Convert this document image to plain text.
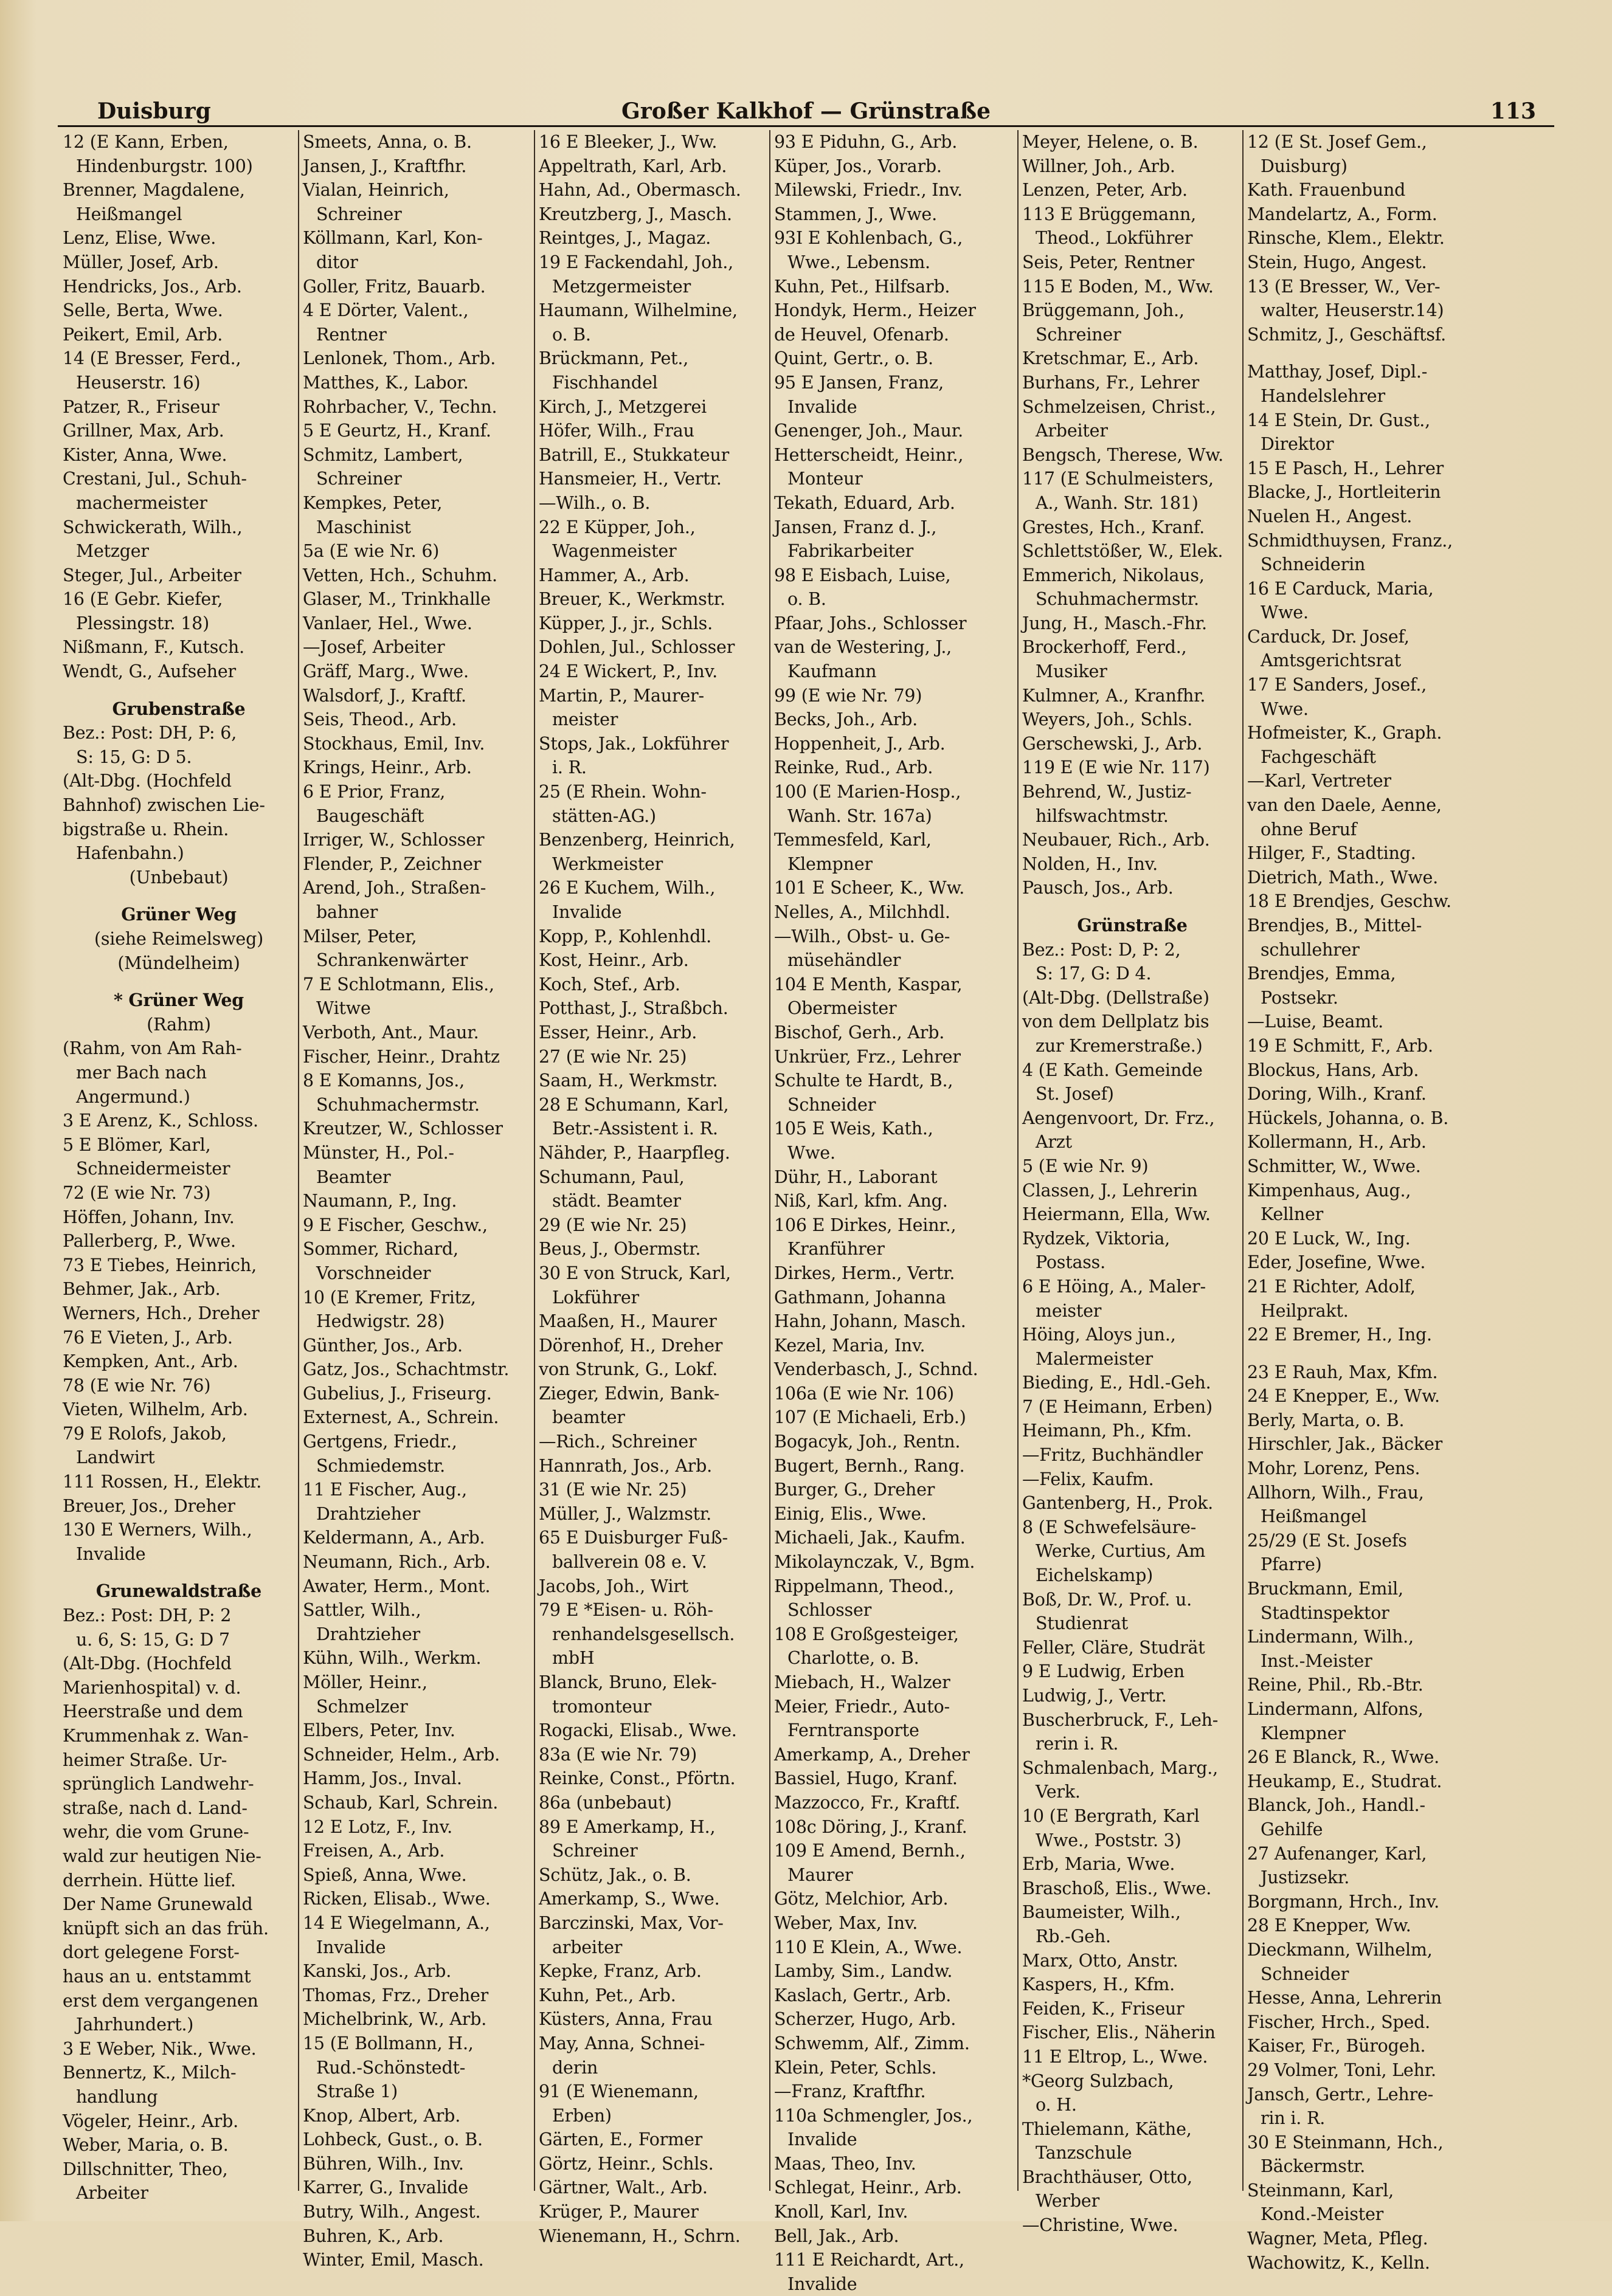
Duisburg	Großer Kalkhof — Grünstraße	113
12 (E Kann, Erben,
Hindenburgstr. 100)
Brenner, Magdalene,
Heißmangel
Lenz, Elise, Wwe.
Müller, Josef, Arb.
Hendricks, Jos., Arb.
Selle, Berta, Wwe.
Peikert, Emil, Arb.
14 (E Bresser, Ferd.,
Heuserstr. 16)
Patzer, R., Friseur
Grillner, Max, Arb.
Kister, Anna, Wwe.
Crestani, Jul., Schuh-
machermeister
Schwickerath, Wilh.,
Metzger
Steger, Jul., Arbeiter
16 (E Gebr. Kiefer,
Plessingstr. 18)
Nißmann, F., Kutsch.
Wendt, G., Aufseher
Grubenstraße
Bez.: Post: DH, P: 6,
S: 15, G: D 5.
(Alt-Dbg. (Hochfeld
Bahnhof) zwischen Lie-
bigstraße u. Rhein.
Hafenbahn.)
(Unbebaut)
Grüner Weg
(siehe Reimelsweg)
(Mündelheim)
* Grüner Weg
(Rahm)
(Rahm, von Am Rah-
mer Bach nach
Angermund.)
3 E Arenz, K., Schloss.
5 E Blömer, Karl,
Schneidermeister
72 (E wie Nr. 73)
Höffen, Johann, Inv.
Pallerberg, P., Wwe.
73 E Tiebes, Heinrich,
Behmer, Jak., Arb.
Werners, Hch., Dreher
76 E Vieten, J., Arb.
Kempken, Ant., Arb.
78 (E wie Nr. 76)
Vieten, Wilhelm, Arb.
79 E Rolofs, Jakob,
Landwirt
111 Rossen, H., Elektr.
Breuer, Jos., Dreher
130 E Werners, Wilh.,
Invalide
Grunewaldstraße
Bez.: Post: DH, P: 2
u. 6, S: 15, G: D 7
(Alt-Dbg. (Hochfeld
Marienhospital) v. d.
Heerstraße und dem
Krummenhak z. Wan-
heimer Straße. Ur-
sprünglich Landwehr-
straße, nach d. Land-
wehr, die vom Grune-
wald zur heutigen Nie-
derrhein. Hütte lief.
Der Name Grunewald
knüpft sich an das früh.
dort gelegene Forst-
haus an u. entstammt
erst dem vergangenen
Jahrhundert.)
3 E Weber, Nik., Wwe.
Bennertz, K., Milch-
handlung
Vögeler, Heinr., Arb.
Weber, Maria, o. B.
Dillschnitter, Theo,
Arbeiter
Smeets, Anna, o. B.
Jansen, J., Kraftfhr.
Vialan, Heinrich,
Schreiner
Köllmann, Karl, Kon-
ditor
Goller, Fritz, Bauarb.
4 E Dörter, Valent.,
Rentner
Lenlonek, Thom., Arb.
Matthes, K., Labor.
Rohrbacher, V., Techn.
5 E Geurtz, H., Kranf.
Schmitz, Lambert,
Schreiner
Kempkes, Peter,
Maschinist
5a (E wie Nr. 6)
Vetten, Hch., Schuhm.
Glaser, M., Trinkhalle
Vanlaer, Hel., Wwe.
—Josef, Arbeiter
Gräff, Marg., Wwe.
Walsdorf, J., Kraftf.
Seis, Theod., Arb.
Stockhaus, Emil, Inv.
Krings, Heinr., Arb.
6 E Prior, Franz,
Baugeschäft
Irriger, W., Schlosser
Flender, P., Zeichner
Arend, Joh., Straßen-
bahner
Milser, Peter,
Schrankenwärter
7 E Schlotmann, Elis.,
Witwe
Verboth, Ant., Maur.
Fischer, Heinr., Drahtz
8 E Komanns, Jos.,
Schuhmachermstr.
Kreutzer, W., Schlosser
Münster, H., Pol.-
Beamter
Naumann, P., Ing.
9 E Fischer, Geschw.,
Sommer, Richard,
Vorschneider
10 (E Kremer, Fritz,
Hedwigstr. 28)
Günther, Jos., Arb.
Gatz, Jos., Schachtmstr.
Gubelius, J., Friseurg.
Externest, A., Schrein.
Gertgens, Friedr.,
Schmiedemstr.
11 E Fischer, Aug.,
Drahtzieher
Keldermann, A., Arb.
Neumann, Rich., Arb.
Awater, Herm., Mont.
Sattler, Wilh.,
Drahtzieher
Kühn, Wilh., Werkm.
Möller, Heinr.,
Schmelzer
Elbers, Peter, Inv.
Schneider, Helm., Arb.
Hamm, Jos., Inval.
Schaub, Karl, Schrein.
12 E Lotz, F., Inv.
Freisen, A., Arb.
Spieß, Anna, Wwe.
Ricken, Elisab., Wwe.
14 E Wiegelmann, A.,
Invalide
Kanski, Jos., Arb.
Thomas, Frz., Dreher
Michelbrink, W., Arb.
15 (E Bollmann, H.,
Rud.-Schönstedt-
Straße 1)
Knop, Albert, Arb.
Lohbeck, Gust., o. B.
Bühren, Wilh., Inv.
Karrer, G., Invalide
Butry, Wilh., Angest.
Buhren, K., Arb.
Winter, Emil, Masch.
16 E Bleeker, J., Ww.
Appeltrath, Karl, Arb.
Hahn, Ad., Obermasch.
Kreutzberg, J., Masch.
Reintges, J., Magaz.
19 E Fackendahl, Joh.,
Metzgermeister
Haumann, Wilhelmine,
o. B.
Brückmann, Pet.,
Fischhandel
Kirch, J., Metzgerei
Höfer, Wilh., Frau
Batrill, E., Stukkateur
Hansmeier, H., Vertr.
—Wilh., o. B.
22 E Küpper, Joh.,
Wagenmeister
Hammer, A., Arb.
Breuer, K., Werkmstr.
Küpper, J., jr., Schls.
Dohlen, Jul., Schlosser
24 E Wickert, P., Inv.
Martin, P., Maurer-
meister
Stops, Jak., Lokführer
i. R.
25 (E Rhein. Wohn-
stätten-AG.)
Benzenberg, Heinrich,
Werkmeister
26 E Kuchem, Wilh.,
Invalide
Kopp, P., Kohlenhdl.
Kost, Heinr., Arb.
Koch, Stef., Arb.
Potthast, J., Straßbch.
Esser, Heinr., Arb.
27 (E wie Nr. 25)
Saam, H., Werkmstr.
28 E Schumann, Karl,
Betr.-Assistent i. R.
Nähder, P., Haarpfleg.
Schumann, Paul,
städt. Beamter
29 (E wie Nr. 25)
Beus, J., Obermstr.
30 E von Struck, Karl,
Lokführer
Maaßen, H., Maurer
Dörenhof, H., Dreher
von Strunk, G., Lokf.
Zieger, Edwin, Bank-
beamter
—Rich., Schreiner
Hannrath, Jos., Arb.
31 (E wie Nr. 25)
Müller, J., Walzmstr.
65 E Duisburger Fuß-
ballverein 08 e. V.
Jacobs, Joh., Wirt
79 E *Eisen- u. Röh-
renhandelsgesellsch.
mbH
Blanck, Bruno, Elek-
tromonteur
Rogacki, Elisab., Wwe.
83a (E wie Nr. 79)
Reinke, Const., Pförtn.
86a (unbebaut)
89 E Amerkamp, H.,
Schreiner
Schütz, Jak., o. B.
Amerkamp, S., Wwe.
Barczinski, Max, Vor-
arbeiter
Kepke, Franz, Arb.
Kuhn, Pet., Arb.
Küsters, Anna, Frau
May, Anna, Schnei-
derin
91 (E Wienemann,
Erben)
Gärten, E., Former
Görtz, Heinr., Schls.
Gärtner, Walt., Arb.
Krüger, P., Maurer
Wienemann, H., Schrn.
93 E Piduhn, G., Arb.
Küper, Jos., Vorarb.
Milewski, Friedr., Inv.
Stammen, J., Wwe.
93I E Kohlenbach, G.,
Wwe., Lebensm.
Kuhn, Pet., Hilfsarb.
Hondyk, Herm., Heizer
de Heuvel, Ofenarb.
Quint, Gertr., o. B.
95 E Jansen, Franz,
Invalide
Genenger, Joh., Maur.
Hetterscheidt, Heinr.,
Monteur
Tekath, Eduard, Arb.
Jansen, Franz d. J.,
Fabrikarbeiter
98 E Eisbach, Luise,
o. B.
Pfaar, Johs., Schlosser
van de Westering, J.,
Kaufmann
99 (E wie Nr. 79)
Becks, Joh., Arb.
Hoppenheit, J., Arb.
Reinke, Rud., Arb.
100 (E Marien-Hosp.,
Wanh. Str. 167a)
Temmesfeld, Karl,
Klempner
101 E Scheer, K., Ww.
Nelles, A., Milchhdl.
—Wilh., Obst- u. Ge-
müsehändler
104 E Menth, Kaspar,
Obermeister
Bischof, Gerh., Arb.
Unkrüer, Frz., Lehrer
Schulte te Hardt, B.,
Schneider
105 E Weis, Kath.,
Wwe.
Dühr, H., Laborant
Niß, Karl, kfm. Ang.
106 E Dirkes, Heinr.,
Kranführer
Dirkes, Herm., Vertr.
Gathmann, Johanna
Hahn, Johann, Masch.
Kezel, Maria, Inv.
Venderbasch, J., Schnd.
106a (E wie Nr. 106)
107 (E Michaeli, Erb.)
Bogacyk, Joh., Rentn.
Bugert, Bernh., Rang.
Burger, G., Dreher
Einig, Elis., Wwe.
Michaeli, Jak., Kaufm.
Mikolaynczak, V., Bgm.
Rippelmann, Theod.,
Schlosser
108 E Großgesteiger,
Charlotte, o. B.
Miebach, H., Walzer
Meier, Friedr., Auto-
Ferntransporte
Amerkamp, A., Dreher
Bassiel, Hugo, Kranf.
Mazzocco, Fr., Kraftf.
108c Döring, J., Kranf.
109 E Amend, Bernh.,
Maurer
Götz, Melchior, Arb.
Weber, Max, Inv.
110 E Klein, A., Wwe.
Lamby, Sim., Landw.
Kaslach, Gertr., Arb.
Scherzer, Hugo, Arb.
Schwemm, Alf., Zimm.
Klein, Peter, Schls.
—Franz, Kraftfhr.
110a Schmengler, Jos.,
Invalide
Maas, Theo, Inv.
Schlegat, Heinr., Arb.
Knoll, Karl, Inv.
Bell, Jak., Arb.
111 E Reichardt, Art.,
Invalide
Meyer, Helene, o. B.
Willner, Joh., Arb.
Lenzen, Peter, Arb.
113 E Brüggemann,
Theod., Lokführer
Seis, Peter, Rentner
115 E Boden, M., Ww.
Brüggemann, Joh.,
Schreiner
Kretschmar, E., Arb.
Burhans, Fr., Lehrer
Schmelzeisen, Christ.,
Arbeiter
Bengsch, Therese, Ww.
117 (E Schulmeisters,
A., Wanh. Str. 181)
Grestes, Hch., Kranf.
Schlettstößer, W., Elek.
Emmerich, Nikolaus,
Schuhmachermstr.
Jung, H., Masch.-Fhr.
Brockerhoff, Ferd.,
Musiker
Kulmner, A., Kranfhr.
Weyers, Joh., Schls.
Gerschewski, J., Arb.
119 E (E wie Nr. 117)
Behrend, W., Justiz-
hilfswachtmstr.
Neubauer, Rich., Arb.
Nolden, H., Inv.
Pausch, Jos., Arb.
Grünstraße
Bez.: Post: D, P: 2,
S: 17, G: D 4.
(Alt-Dbg. (Dellstraße)
von dem Dellplatz bis
zur Kremerstraße.)
4 (E Kath. Gemeinde
St. Josef)
Aengenvoort, Dr. Frz.,
Arzt
5 (E wie Nr. 9)
Classen, J., Lehrerin
Heiermann, Ella, Ww.
Rydzek, Viktoria,
Postass.
6 E Höing, A., Maler-
meister
Höing, Aloys jun.,
Malermeister
Bieding, E., Hdl.-Geh.
7 (E Heimann, Erben)
Heimann, Ph., Kfm.
—Fritz, Buchhändler
—Felix, Kaufm.
Gantenberg, H., Prok.
8 (E Schwefelsäure-
Werke, Curtius, Am
Eichelskamp)
Boß, Dr. W., Prof. u.
Studienrat
Feller, Cläre, Studrät
9 E Ludwig, Erben
Ludwig, J., Vertr.
Buscherbruck, F., Leh-
rerin i. R.
Schmalenbach, Marg.,
Verk.
10 (E Bergrath, Karl
Wwe., Poststr. 3)
Erb, Maria, Wwe.
Braschoß, Elis., Wwe.
Baumeister, Wilh.,
Rb.-Geh.
Marx, Otto, Anstr.
Kaspers, H., Kfm.
Feiden, K., Friseur
Fischer, Elis., Näherin
11 E Eltrop, L., Wwe.
*Georg Sulzbach,
o. H.
Thielemann, Käthe,
Tanzschule
Brachthäuser, Otto,
Werber
—Christine, Wwe.
12 (E St. Josef Gem.,
Duisburg)
Kath. Frauenbund
Mandelartz, A., Form.
Rinsche, Klem., Elektr.
Stein, Hugo, Angest.
13 (E Bresser, W., Ver-
walter, Heuserstr.14)
Schmitz, J., Geschäftsf.
Matthay, Josef, Dipl.-
Handelslehrer
14 E Stein, Dr. Gust.,
Direktor
15 E Pasch, H., Lehrer
Blacke, J., Hortleiterin
Nuelen H., Angest.
Schmidthuysen, Franz.,
Schneiderin
16 E Carduck, Maria,
Wwe.
Carduck, Dr. Josef,
Amtsgerichtsrat
17 E Sanders, Josef.,
Wwe.
Hofmeister, K., Graph.
Fachgeschäft
—Karl, Vertreter
van den Daele, Aenne,
ohne Beruf
Hilger, F., Stadting.
Dietrich, Math., Wwe.
18 E Brendjes, Geschw.
Brendjes, B., Mittel-
schullehrer
Brendjes, Emma,
Postsekr.
—Luise, Beamt.
19 E Schmitt, F., Arb.
Blockus, Hans, Arb.
Doring, Wilh., Kranf.
Hückels, Johanna, o. B.
Kollermann, H., Arb.
Schmitter, W., Wwe.
Kimpenhaus, Aug.,
Kellner
20 E Luck, W., Ing.
Eder, Josefine, Wwe.
21 E Richter, Adolf,
Heilprakt.
22 E Bremer, H., Ing.
23 E Rauh, Max, Kfm.
24 E Knepper, E., Ww.
Berly, Marta, o. B.
Hirschler, Jak., Bäcker
Mohr, Lorenz, Pens.
Allhorn, Wilh., Frau,
Heißmangel
25/29 (E St. Josefs
Pfarre)
Bruckmann, Emil,
Stadtinspektor
Lindermann, Wilh.,
Inst.-Meister
Reine, Phil., Rb.-Btr.
Lindermann, Alfons,
Klempner
26 E Blanck, R., Wwe.
Heukamp, E., Studrat.
Blanck, Joh., Handl.-
Gehilfe
27 Aufenanger, Karl,
Justizsekr.
Borgmann, Hrch., Inv.
28 E Knepper, Ww.
Dieckmann, Wilhelm,
Schneider
Hesse, Anna, Lehrerin
Fischer, Hrch., Sped.
Kaiser, Fr., Bürogeh.
29 Volmer, Toni, Lehr.
Jansch, Gertr., Lehre-
rin i. R.
30 E Steinmann, Hch.,
Bäckermstr.
Steinmann, Karl,
Kond.-Meister
Wagner, Meta, Pfleg.
Wachowitz, K., Kelln.
